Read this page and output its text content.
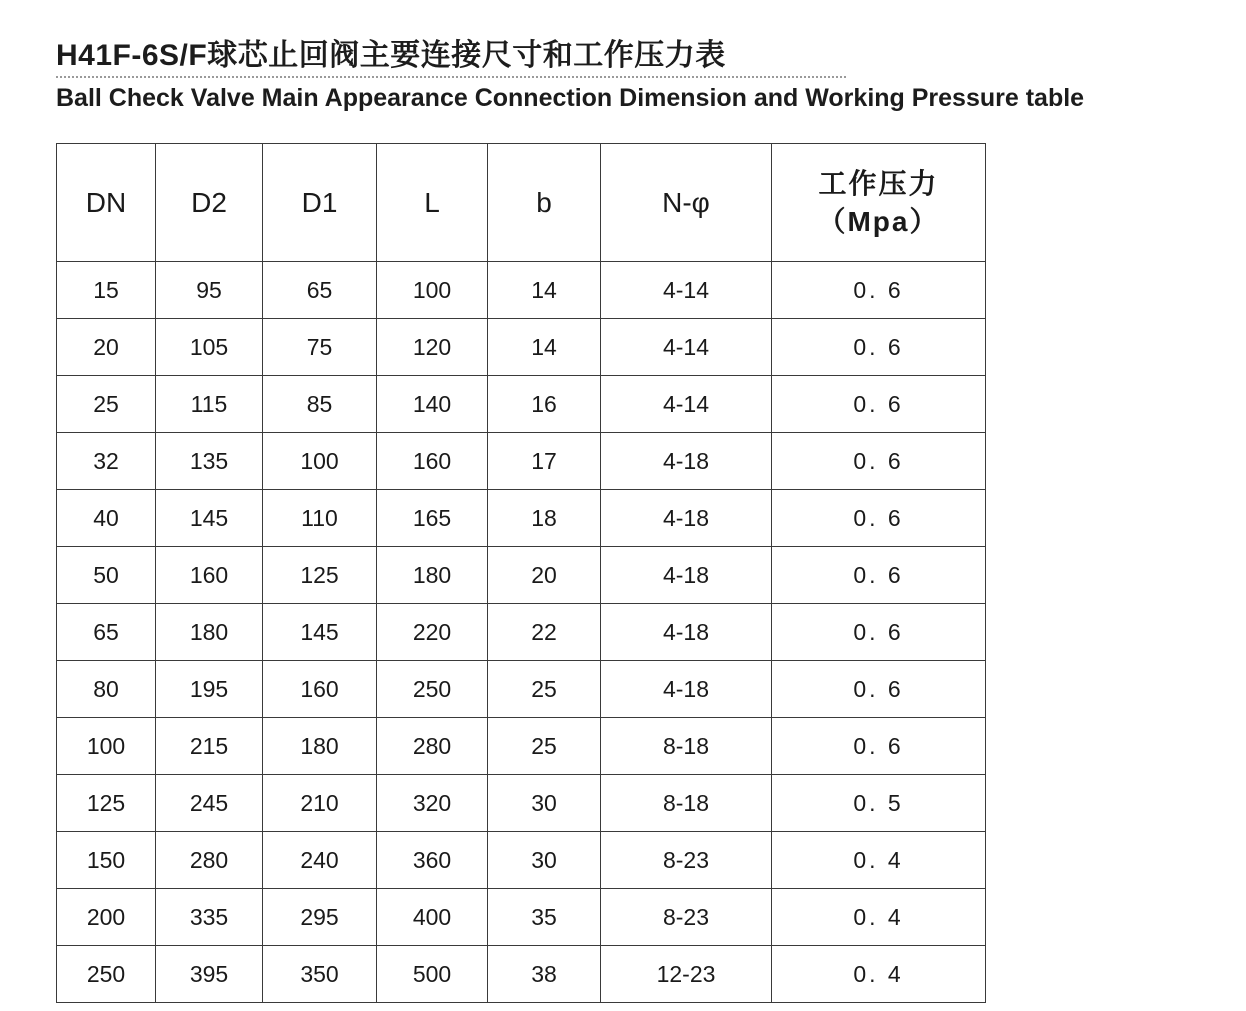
H41F-6S/F球芯止回阀主要连接尺寸和工作压力表
Ball Check Valve Main Appearance Connection Dimension and Working Pressure table
DN	D2	D1	L	b	N-φ	工作压力
（Mpa）

15	95	65	100	14	4-14	0. 6
20	105	75	120	14	4-14	0. 6
25	115	85	140	16	4-14	0. 6
32	135	100	160	17	4-18	0. 6
40	145	110	165	18	4-18	0. 6
50	160	125	180	20	4-18	0. 6
65	180	145	220	22	4-18	0. 6
80	195	160	250	25	4-18	0. 6
100	215	180	280	25	8-18	0. 6
125	245	210	320	30	8-18	0. 5
150	280	240	360	30	8-23	0. 4
200	335	295	400	35	8-23	0. 4
250	395	350	500	38	12-23	0. 4
